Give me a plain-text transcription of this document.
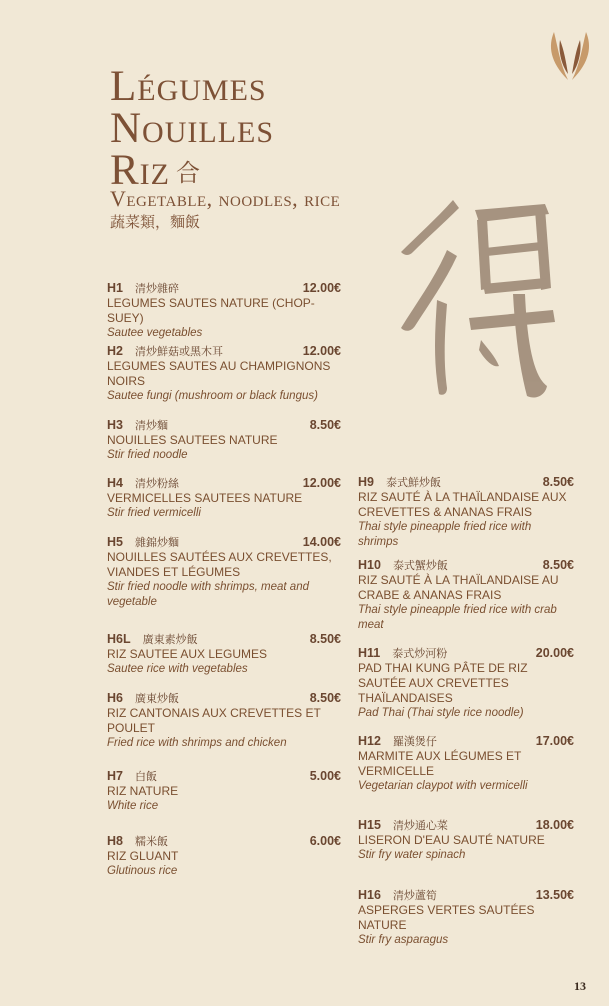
Légumes
Nouilles
Riz 合
Vegetable, noodles, rice
蔬菜類，麵飯
H1 清炒雜碎	12.00€
LEGUMES SAUTES NATURE (CHOP-SUEY)
Sautee vegetables
H2 清炒鮮菇或黑木耳	12.00€
LEGUMES SAUTES AU CHAMPIGNONS NOIRS
Sautee fungi (mushroom or black fungus)
H3 清炒麵	8.50€
NOUILLES SAUTEES NATURE
Stir fried noodle
H4 清炒粉絲	12.00€
VERMICELLES SAUTEES NATURE
Stir fried vermicelli
H5 雜錦炒麵	14.00€
NOUILLES SAUTÉES AUX CREVETTES, VIANDES ET LÉGUMES
Stir fried noodle with shrimps, meat and vegetable
H6L 廣東素炒飯	8.50€
RIZ SAUTEE AUX LEGUMES
Sautee rice with vegetables
H6 廣東炒飯	8.50€
RIZ CANTONAIS AUX CREVETTES ET POULET
Fried rice with shrimps and chicken
H7 白飯	5.00€
RIZ NATURE
White rice
H8 糯米飯	6.00€
RIZ GLUANT
Glutinous rice
H9 泰式鮮炒飯	8.50€
RIZ SAUTÉ À LA THAÏLANDAISE AUX CREVETTES & ANANAS FRAIS
Thai style pineapple fried rice with shrimps
H10 泰式蟹炒飯	8.50€
RIZ SAUTÉ À LA THAÏLANDAISE AU CRABE & ANANAS FRAIS
Thai style pineapple fried rice with crab meat
H11 泰式炒河粉	20.00€
PAD THAI KUNG PÂTE DE RIZ SAUTÉE AUX CREVETTES THAÏLANDAISES
Pad Thai (Thai style rice noodle)
H12 羅漢煲仔	17.00€
MARMITE AUX LÉGUMES ET VERMICELLE
Vegetarian claypot with vermicelli
H15 清炒通心菜	18.00€
LISERON D'EAU SAUTÉ NATURE
Stir fry water spinach
H16 清炒蘆筍	13.50€
ASPERGES VERTES SAUTÉES NATURE
Stir fry asparagus
13
